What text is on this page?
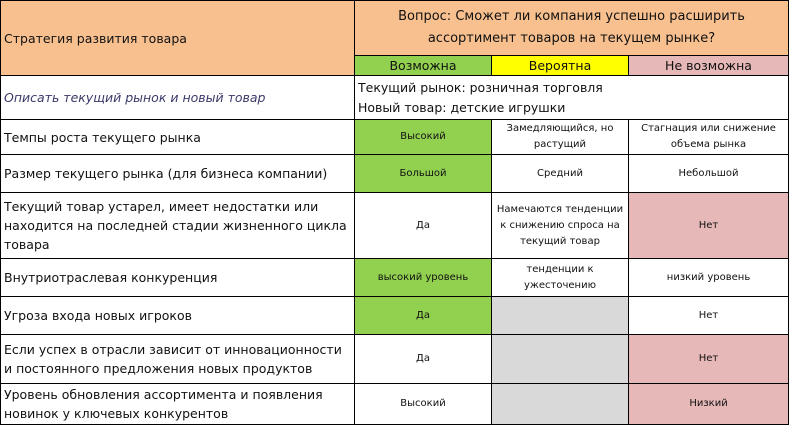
Стратегия развития товара	Вопрос: Сможет ли компания успешно расширить ассортимент товаров на текущем рынке?		
	Возможна	Вероятна	Не возможна
Описать текущий рынок и новый товар	Текущий рынок: розничная торговля
Новый товар: детские игрушки		

Темпы роста текущего рынка	Высокий	Замедляющийся, но растущий	Стагнация или снижение объема рынка
Размер текущего рынка (для бизнеса компании)	Большой	Средний	Небольшой
Текущий товар устарел, имеет недостатки или находится на последней стадии жизненного цикла товара	Да	Намечаются тенденции к снижению спроса на текущий товар	Нет
Внутриотраслевая конкуренция	высокий уровень	тенденции к ужесточению	низкий уровень
Угроза входа новых игроков	Да		Нет
Если успех в отрасли зависит от инновационности и постоянного предложения новых продуктов	Да		Нет
Уровень обновления ассортимента и появления новинок у ключевых конкурентов	Высокий		Низкий
